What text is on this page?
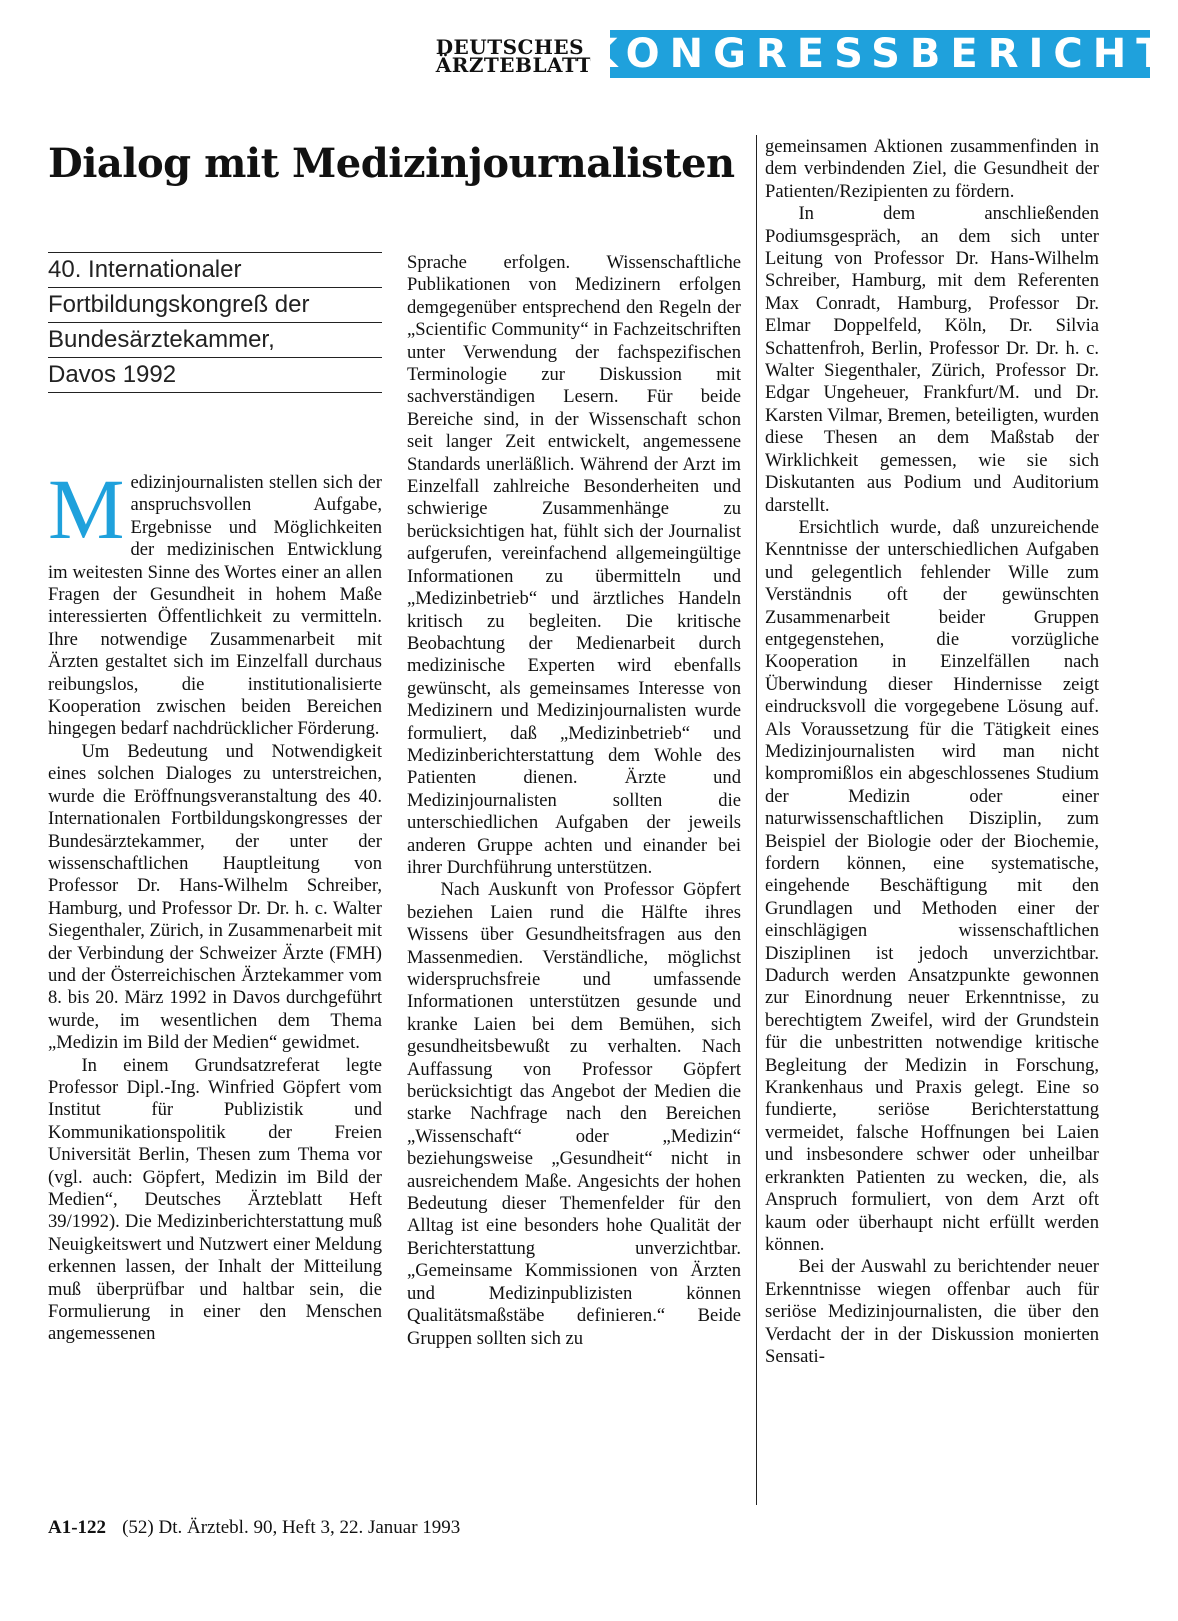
DEUTSCHES
ÄRZTEBLATT
KONGRESSBERICHT
Dialog mit Medizinjournalisten
40. Internationaler
Fortbildungskongreß der
Bundesärztekammer,
Davos 1992

Medizinjournalisten stellen sich der anspruchsvollen Aufgabe, Ergebnisse und Möglichkeiten der medizinischen Entwicklung im weitesten Sinne des Wortes einer an allen Fragen der Gesundheit in hohem Maße interessierten Öffentlichkeit zu vermitteln. Ihre notwendige Zusammenarbeit mit Ärzten gestaltet sich im Einzelfall durchaus reibungslos, die institutionalisierte Kooperation zwischen beiden Bereichen hingegen bedarf nachdrücklicher Förderung.

Um Bedeutung und Notwendigkeit eines solchen Dialoges zu unterstreichen, wurde die Eröffnungsveranstaltung des 40. Internationalen Fortbildungskongresses der Bundesärztekammer, der unter der wissenschaftlichen Hauptleitung von Professor Dr. Hans-Wilhelm Schreiber, Hamburg, und Professor Dr. Dr. h. c. Walter Siegenthaler, Zürich, in Zusammenarbeit mit der Verbindung der Schweizer Ärzte (FMH) und der Österreichischen Ärztekammer vom 8. bis 20. März 1992 in Davos durchgeführt wurde, im wesentlichen dem Thema „Medizin im Bild der Medien“ gewidmet.

In einem Grundsatzreferat legte Professor Dipl.-Ing. Winfried Göpfert vom Institut für Publizistik und Kommunikationspolitik der Freien Universität Berlin, Thesen zum Thema vor (vgl. auch: Göpfert, Medizin im Bild der Medien“, Deutsches Ärzteblatt Heft 39/1992). Die Medizinberichterstattung muß Neuigkeitswert und Nutzwert einer Meldung erkennen lassen, der Inhalt der Mitteilung muß überprüfbar und haltbar sein, die Formulierung in einer den Menschen angemessenen

Sprache erfolgen. Wissenschaftliche Publikationen von Medizinern erfolgen demgegenüber entsprechend den Regeln der „Scientific Community“ in Fachzeitschriften unter Verwendung der fachspezifischen Terminologie zur Diskussion mit sachverständigen Lesern. Für beide Bereiche sind, in der Wissenschaft schon seit langer Zeit entwickelt, angemessene Standards unerläßlich. Während der Arzt im Einzelfall zahlreiche Besonderheiten und schwierige Zusammenhänge zu berücksichtigen hat, fühlt sich der Journalist aufgerufen, vereinfachend allgemeingültige Informationen zu übermitteln und „Medizinbetrieb“ und ärztliches Handeln kritisch zu begleiten. Die kritische Beobachtung der Medienarbeit durch medizinische Experten wird ebenfalls gewünscht, als gemeinsames Interesse von Medizinern und Medizinjournalisten wurde formuliert, daß „Medizinbetrieb“ und Medizinberichterstattung dem Wohle des Patienten dienen. Ärzte und Medizinjournalisten sollten die unterschiedlichen Aufgaben der jeweils anderen Gruppe achten und einander bei ihrer Durchführung unterstützen.

Nach Auskunft von Professor Göpfert beziehen Laien rund die Hälfte ihres Wissens über Gesundheitsfragen aus den Massenmedien. Verständliche, möglichst widerspruchsfreie und umfassende Informationen unterstützen gesunde und kranke Laien bei dem Bemühen, sich gesundheitsbewußt zu verhalten. Nach Auffassung von Professor Göpfert berücksichtigt das Angebot der Medien die starke Nachfrage nach den Bereichen „Wissenschaft“ oder „Medizin“ beziehungsweise „Gesundheit“ nicht in ausreichendem Maße. Angesichts der hohen Bedeutung dieser Themenfelder für den Alltag ist eine besonders hohe Qualität der Berichterstattung unverzichtbar. „Gemeinsame Kommissionen von Ärzten und Medizinpublizisten können Qualitätsmaßstäbe definieren.“ Beide Gruppen sollten sich zu

gemeinsamen Aktionen zusammenfinden in dem verbindenden Ziel, die Gesundheit der Patienten/Rezipienten zu fördern.

In dem anschließenden Podiumsgespräch, an dem sich unter Leitung von Professor Dr. Hans-Wilhelm Schreiber, Hamburg, mit dem Referenten Max Conradt, Hamburg, Professor Dr. Elmar Doppelfeld, Köln, Dr. Silvia Schattenfroh, Berlin, Professor Dr. Dr. h. c. Walter Siegenthaler, Zürich, Professor Dr. Edgar Ungeheuer, Frankfurt/M. und Dr. Karsten Vilmar, Bremen, beteiligten, wurden diese Thesen an dem Maßstab der Wirklichkeit gemessen, wie sie sich Diskutanten aus Podium und Auditorium darstellt.

Ersichtlich wurde, daß unzureichende Kenntnisse der unterschiedlichen Aufgaben und gelegentlich fehlender Wille zum Verständnis oft der gewünschten Zusammenarbeit beider Gruppen entgegenstehen, die vorzügliche Kooperation in Einzelfällen nach Überwindung dieser Hindernisse zeigt eindrucksvoll die vorgegebene Lösung auf. Als Voraussetzung für die Tätigkeit eines Medizinjournalisten wird man nicht kompromißlos ein abgeschlossenes Studium der Medizin oder einer naturwissenschaftlichen Disziplin, zum Beispiel der Biologie oder der Biochemie, fordern können, eine systematische, eingehende Beschäftigung mit den Grundlagen und Methoden einer der einschlägigen wissenschaftlichen Disziplinen ist jedoch unverzichtbar. Dadurch werden Ansatzpunkte gewonnen zur Einordnung neuer Erkenntnisse, zu berechtigtem Zweifel, wird der Grundstein für die unbestritten notwendige kritische Begleitung der Medizin in Forschung, Krankenhaus und Praxis gelegt. Eine so fundierte, seriöse Berichterstattung vermeidet, falsche Hoffnungen bei Laien und insbesondere schwer oder unheilbar erkrankten Patienten zu wecken, die, als Anspruch formuliert, von dem Arzt oft kaum oder überhaupt nicht erfüllt werden können.

Bei der Auswahl zu berichtender neuer Erkenntnisse wiegen offenbar auch für seriöse Medizinjournalisten, die über den Verdacht der in der Diskussion monierten Sensati-

A1-122 (52) Dt. Ärztebl. 90, Heft 3, 22. Januar 1993
